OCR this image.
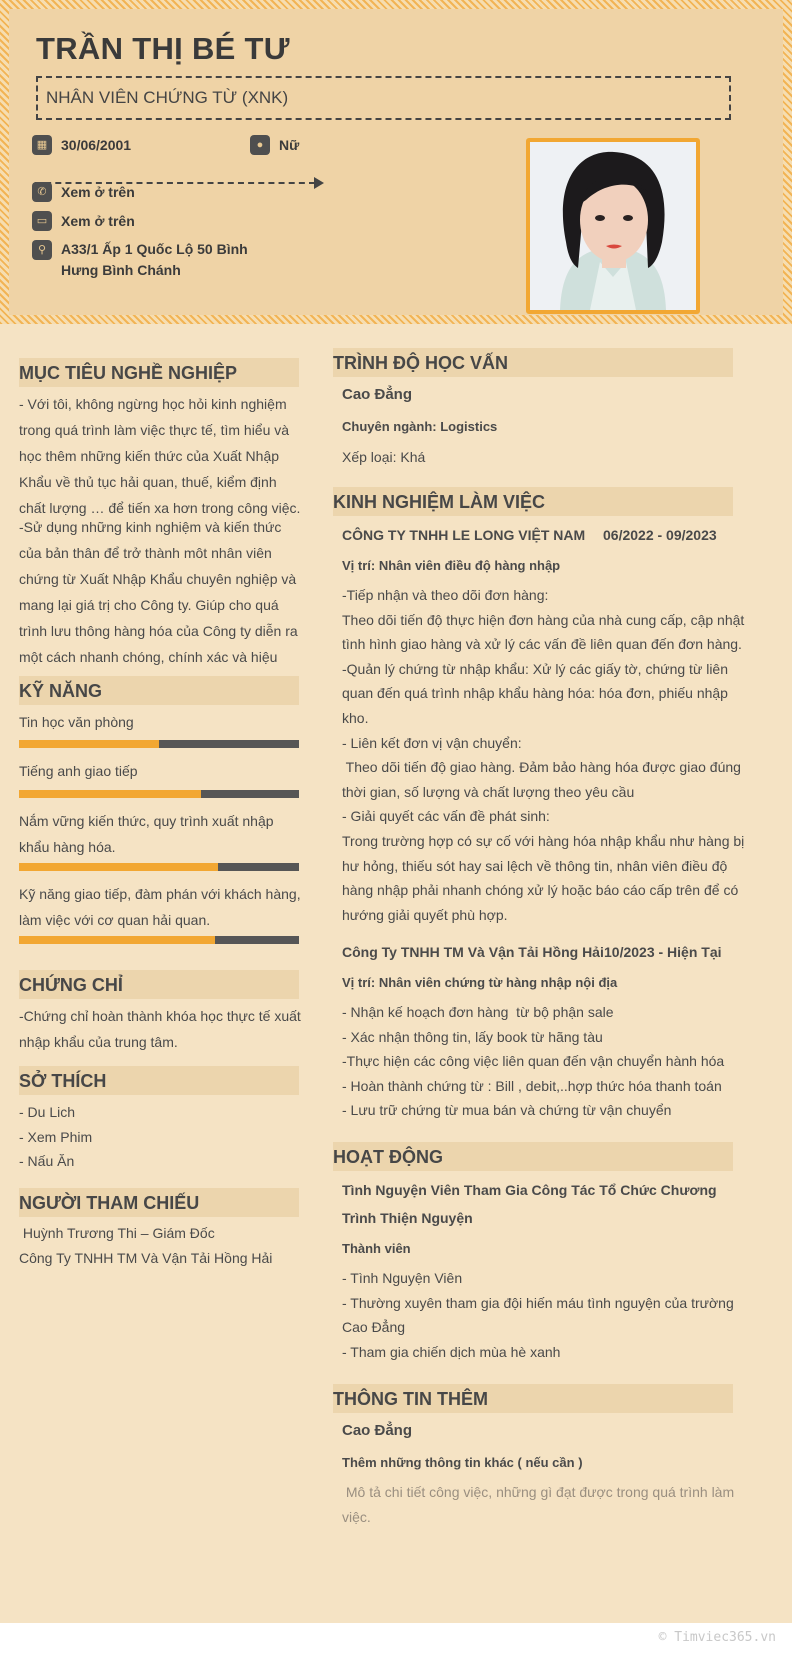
TRẦN THỊ BÉ TƯ
NHÂN VIÊN CHỨNG TỪ (XNK)
▦ 30/06/2001	●	Nữ
✆	Xem ở trên
▭ Xem ở trên
⚲	A33/1 Ấp 1 Quốc Lộ 50 Bình Hưng Bình Chánh
MỤC TIÊU NGHỀ NGHIỆP
- Với tôi, không ngừng học hỏi kinh nghiệm trong quá trình làm việc thực tế, tìm hiểu và học thêm những kiến thức của Xuất Nhập Khẩu về thủ tục hải quan, thuế, kiểm định chất lượng … để tiến xa hơn trong công việc.
-Sử dụng những kinh nghiệm và kiến thức của bản thân để trở thành môt nhân viên chứng từ Xuất Nhập Khẩu chuyên nghiệp và mang lại giá trị cho Công ty. Giúp cho quá trình lưu thông hàng hóa của Công ty diễn ra một cách nhanh chóng, chính xác và hiệu
KỸ NĂNG
Tin học văn phòng
Tiếng anh giao tiếp
Nắm vững kiến thức, quy trình xuất nhập khẩu hàng hóa.
Kỹ năng giao tiếp, đàm phán với khách hàng, làm việc với cơ quan hải quan.
CHỨNG CHỈ
-Chứng chỉ hoàn thành khóa học thực tế xuất nhập khẩu của trung tâm.
SỞ THÍCH
- Du Lich
- Xem Phim
- Nấu Ăn
NGƯỜI THAM CHIẾU
Huỳnh Trương Thi – Giám Đốc
Công Ty TNHH TM Và Vận Tải Hồng Hải
TRÌNH ĐỘ HỌC VẤN
Cao Đẳng
Chuyên ngành: Logistics
Xếp loại: Khá
KINH NGHIỆM LÀM VIỆC
CÔNG TY TNHH LE LONG VIỆT NAM 06/2022 - 09/2023
Vị trí: Nhân viên điều độ hàng nhập
-Tiếp nhận và theo dõi đơn hàng:
Theo dõi tiến độ thực hiện đơn hàng của nhà cung cấp, cập nhật
tình hình giao hàng và xử lý các vấn đề liên quan đến đơn hàng.
-Quản lý chứng từ nhập khẩu: Xử lý các giấy tờ, chứng từ liên
quan đến quá trình nhập khẩu hàng hóa: hóa đơn, phiếu nhập
kho.
- Liên kết đơn vị vận chuyển:
Theo dõi tiến độ giao hàng. Đảm bảo hàng hóa được giao đúng
thời gian, số lượng và chất lượng theo yêu cầu
- Giải quyết các vấn đề phát sinh:
Trong trường hợp có sự cố với hàng hóa nhập khẩu như hàng bị
hư hỏng, thiếu sót hay sai lệch về thông tin, nhân viên điều độ
hàng nhập phải nhanh chóng xử lý hoặc báo cáo cấp trên để có
hướng giải quyết phù hợp.
Công Ty TNHH TM Và Vận Tải Hồng Hải 10/2023 - Hiện Tại
Vị trí: Nhân viên chứng từ hàng nhập nội địa
- Nhận kế hoạch đơn hàng  từ bộ phận sale
- Xác nhận thông tin, lấy book từ hãng tàu
-Thực hiện các công việc liên quan đến vận chuyển hành hóa
- Hoàn thành chứng từ : Bill , debit,..hợp thức hóa thanh toán
- Lưu trữ chứng từ mua bán và chứng từ vận chuyển
HOẠT ĐỘNG
Tình Nguyện Viên Tham Gia Công Tác Tổ Chức Chương
Trình Thiện Nguyện
Thành viên
- Tình Nguyện Viên
- Thường xuyên tham gia đội hiến máu tình nguyện của trường
Cao Đẳng
- Tham gia chiến dịch mùa hè xanh
THÔNG TIN THÊM
Cao Đẳng
Thêm những thông tin khác ( nếu cần )
Mô tả chi tiết công việc, những gì đạt được trong quá trình làm
việc.
© Timviec365.vn
